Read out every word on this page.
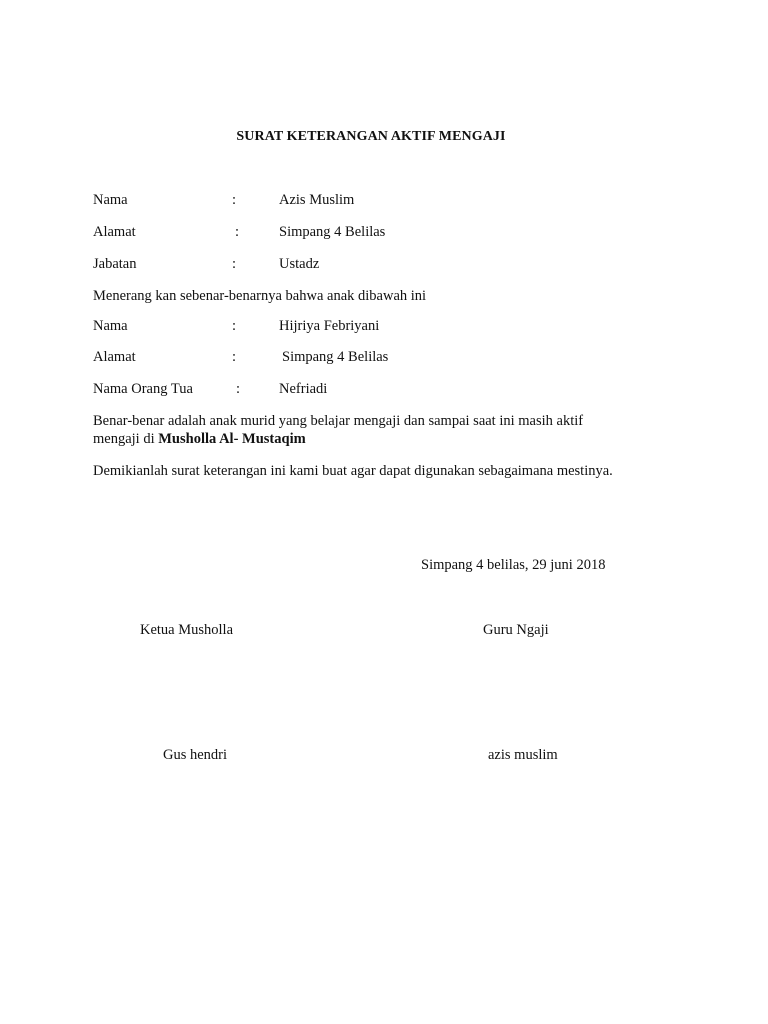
SURAT KETERANGAN AKTIF MENGAJI
Nama	:	Azis Muslim
Alamat	:	Simpang 4 Belilas
Jabatan	:	Ustadz
Menerang kan sebenar-benarnya bahwa anak dibawah ini
Nama	:	Hijriya Febriyani
Alamat	:	Simpang 4 Belilas
Nama Orang Tua	:	Nefriadi
Benar-benar adalah anak murid yang belajar mengaji dan sampai saat ini masih aktif
mengaji di Musholla Al- Mustaqim
Demikianlah surat keterangan ini kami buat agar dapat digunakan sebagaimana mestinya.
Simpang 4 belilas, 29 juni 2018
Ketua Musholla	Guru Ngaji
Gus hendri	azis muslim
